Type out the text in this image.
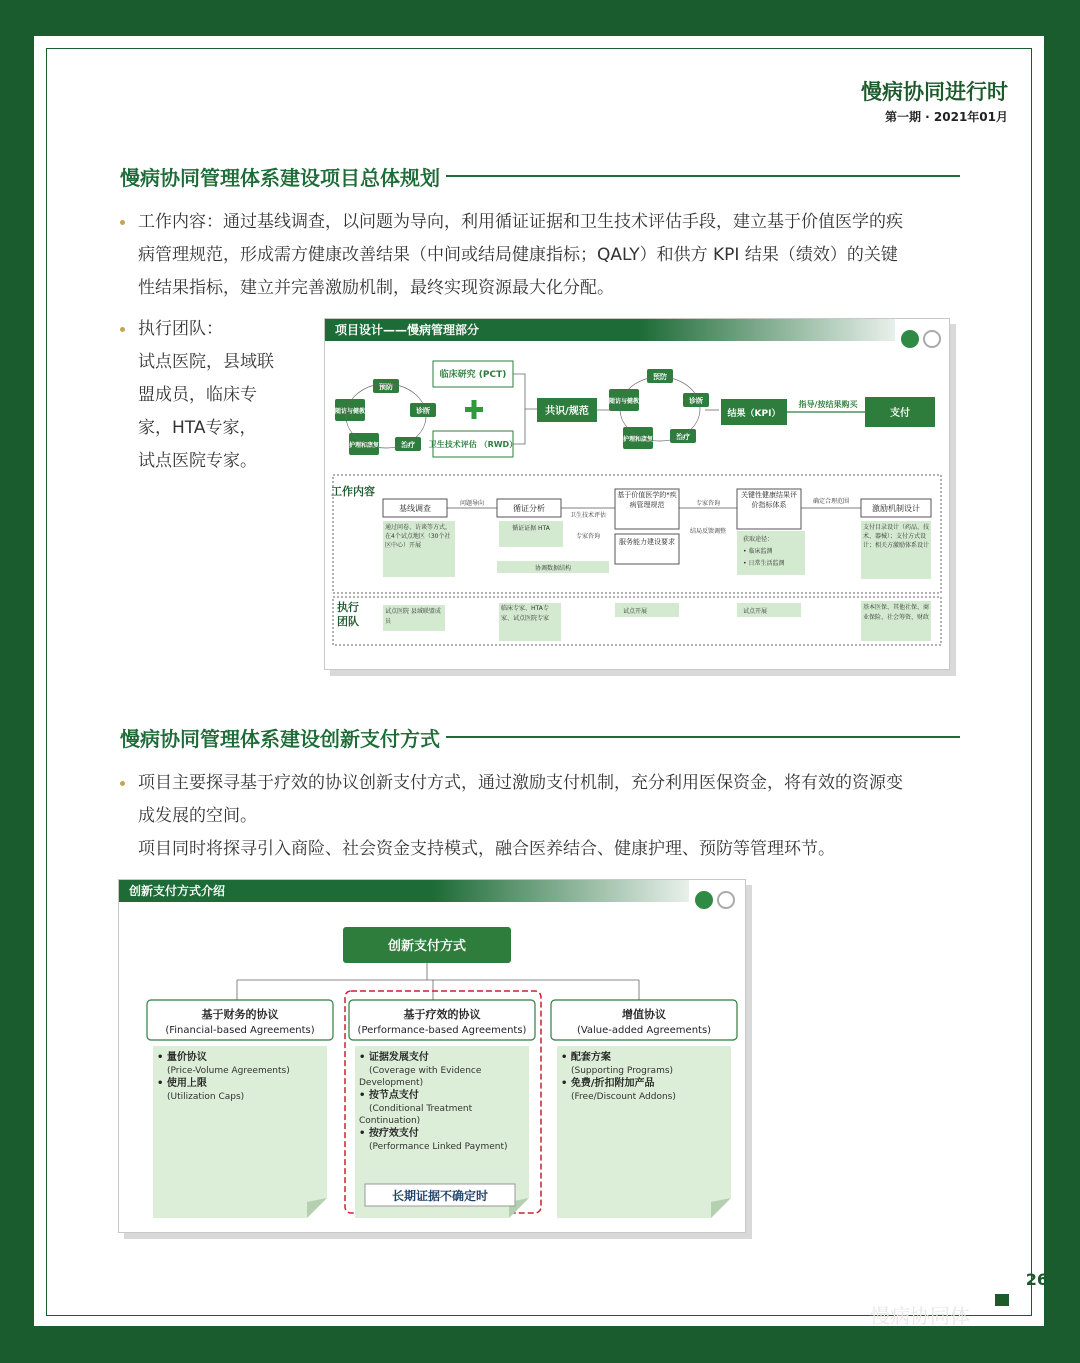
慢病协同进行时
第一期 · 2021年01月
慢病协同管理体系建设项目总体规划
工作内容：通过基线调查，以问题为导向，利用循证证据和卫生技术评估手段，建立基于价值医学的疾
病管理规范，形成需方健康改善结果（中间或结局健康指标；QALY）和供方 KPI 结果（绩效）的关键
性结果指标，建立并完善激励机制，最终实现资源最大化分配。
执行团队：
试点医院，县域联
盟成员，临床专
家，HTA专家，
试点医院专家。
项目设计——慢病管理部分
预防
诊断
治疗
护理和康复
随访与健教
临床研究 (PCT)
卫生技术评估 （RWD）
共识/规范
预防
诊断
治疗
护理和康复
随访与健教
结果（KPI）
指导/按结果购买
支付
工作内容
基线调查	循证分析
基于价值医学的*疾病管理规范
服务能力建设要求
关键性健康结果评价指标体系	激励机制设计
问题导向
卫生技术评估
专家咨询
专家咨询
结局反馈调整
确定合理范围
通过问卷、访谈等方式，在4个试点地区（30个社区中心）开展
循证证据 HTA
协调数据结构
获取途径：
• 临床监测
• 日常生活监测
支付目录设计（药品、技术、器械）；支付方式设计；相关方激励体系设计
执行团队
试点医院 县域联盟成员
临床专家、HTA专家、试点医院专家
试点开展	试点开展
基本医保、其他社保、商业保险、社会筹资、财政
慢病协同管理体系建设创新支付方式
项目主要探寻基于疗效的协议创新支付方式，通过激励支付机制，充分利用医保资金，将有效的资源变
成发展的空间。
项目同时将探寻引入商险、社会资金支持模式，融合医养结合、健康护理、预防等管理环节。
创新支付方式介绍
创新支付方式
基于财务的协议
(Financial-based Agreements)
• 量价协议
(Price-Volume Agreements)
• 使用上限
(Utilization Caps)
基于疗效的协议
(Performance-based Agreements)
• 证据发展支付
(Coverage with Evidence
Development)
• 按节点支付
(Conditional Treatment
Continuation)
• 按疗效支付
(Performance Linked Payment)
长期证据不确定时
增值协议
(Value-added Agreements)
• 配套方案
(Supporting Programs)
• 免费/折扣附加产品
(Free/Discount Addons)
26
慢病协同体
